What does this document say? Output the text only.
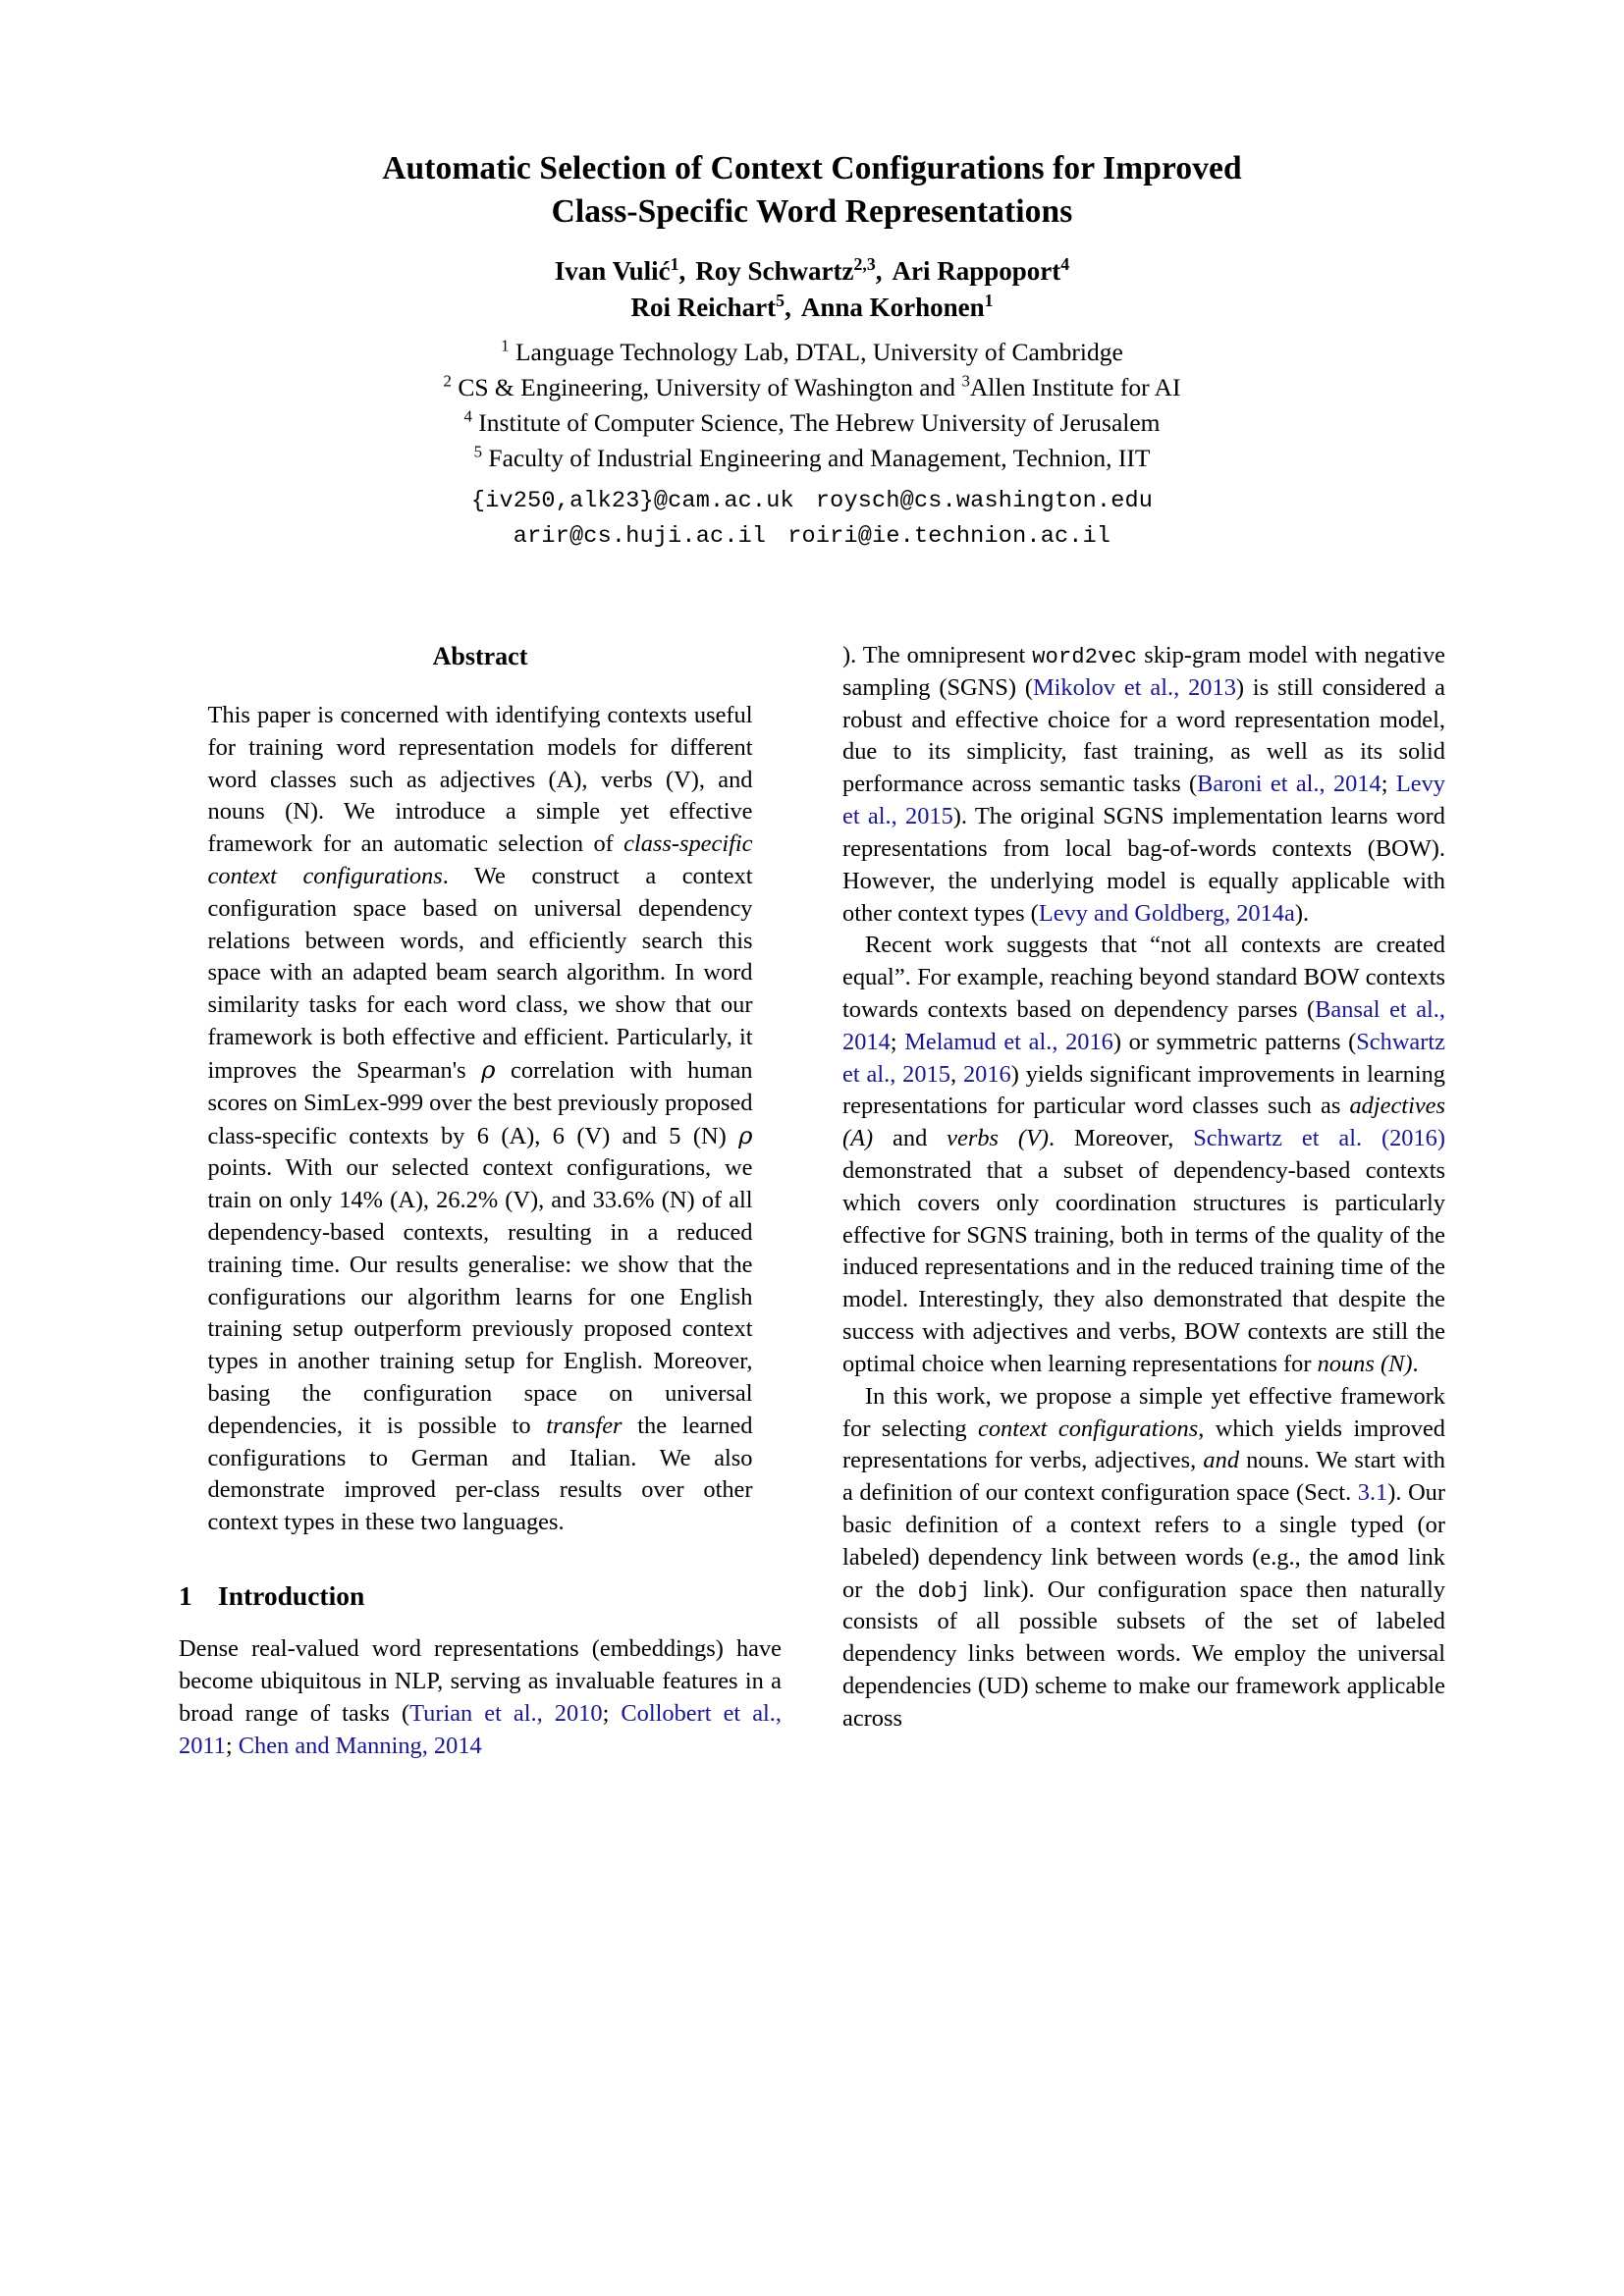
Automatic Selection of Context Configurations for Improved
Class-Specific Word Representations
Ivan Vulić$^1$, Roy Schwartz$^{2,3}$, Ari Rappoport$^4$
Roi Reichart$^5$, Anna Korhonen$^1$
$^1$ Language Technology Lab, DTAL, University of Cambridge
$^2$ CS & Engineering, University of Washington and $^3$Allen Institute for AI
$^4$ Institute of Computer Science, The Hebrew University of Jerusalem
$^5$ Faculty of Industrial Engineering and Management, Technion, IIT
{iv250,alk23}@cam.ac.uk roysch@cs.washington.edu
arir@cs.huji.ac.il roiri@ie.technion.ac.il
Abstract

This paper is concerned with identifying contexts useful for training word representation models for different word classes such as adjectives (A), verbs (V), and nouns (N). We introduce a simple yet effective framework for an automatic selection of class-specific context configurations. We construct a context configuration space based on universal dependency relations between words, and efficiently search this space with an adapted beam search algorithm. In word similarity tasks for each word class, we show that our framework is both effective and efficient. Particularly, it improves the Spearman's ρ correlation with human scores on SimLex-999 over the best previously proposed class-specific contexts by 6 (A), 6 (V) and 5 (N) ρ points. With our selected context configurations, we train on only 14% (A), 26.2% (V), and 33.6% (N) of all dependency-based contexts, resulting in a reduced training time. Our results generalise: we show that the configurations our algorithm learns for one English training setup outperform previously proposed context types in another training setup for English. Moreover, basing the configuration space on universal dependencies, it is possible to transfer the learned configurations to German and Italian. We also demonstrate improved per-class results over other context types in these two languages.

1 Introduction

Dense real-valued word representations (embeddings) have become ubiquitous in NLP, serving as invaluable features in a broad range of tasks (Turian et al., 2010; Collobert et al., 2011; Chen and Manning, 2014

). The omnipresent word2vec skip-gram model with negative sampling (SGNS) (Mikolov et al., 2013) is still considered a robust and effective choice for a word representation model, due to its simplicity, fast training, as well as its solid performance across semantic tasks (Baroni et al., 2014; Levy et al., 2015). The original SGNS implementation learns word representations from local bag-of-words contexts (BOW). However, the underlying model is equally applicable with other context types (Levy and Goldberg, 2014a).

Recent work suggests that “not all contexts are created equal”. For example, reaching beyond standard BOW contexts towards contexts based on dependency parses (Bansal et al., 2014; Melamud et al., 2016) or symmetric patterns (Schwartz et al., 2015, 2016) yields significant improvements in learning representations for particular word classes such as adjectives (A) and verbs (V). Moreover, Schwartz et al. (2016) demonstrated that a subset of dependency-based contexts which covers only coordination structures is particularly effective for SGNS training, both in terms of the quality of the induced representations and in the reduced training time of the model. Interestingly, they also demonstrated that despite the success with adjectives and verbs, BOW contexts are still the optimal choice when learning representations for nouns (N).

In this work, we propose a simple yet effective framework for selecting context configurations, which yields improved representations for verbs, adjectives, and nouns. We start with a definition of our context configuration space (Sect. 3.1). Our basic definition of a context refers to a single typed (or labeled) dependency link between words (e.g., the amod link or the dobj link). Our configuration space then naturally consists of all possible subsets of the set of labeled dependency links between words. We employ the universal dependencies (UD) scheme to make our framework applicable across
